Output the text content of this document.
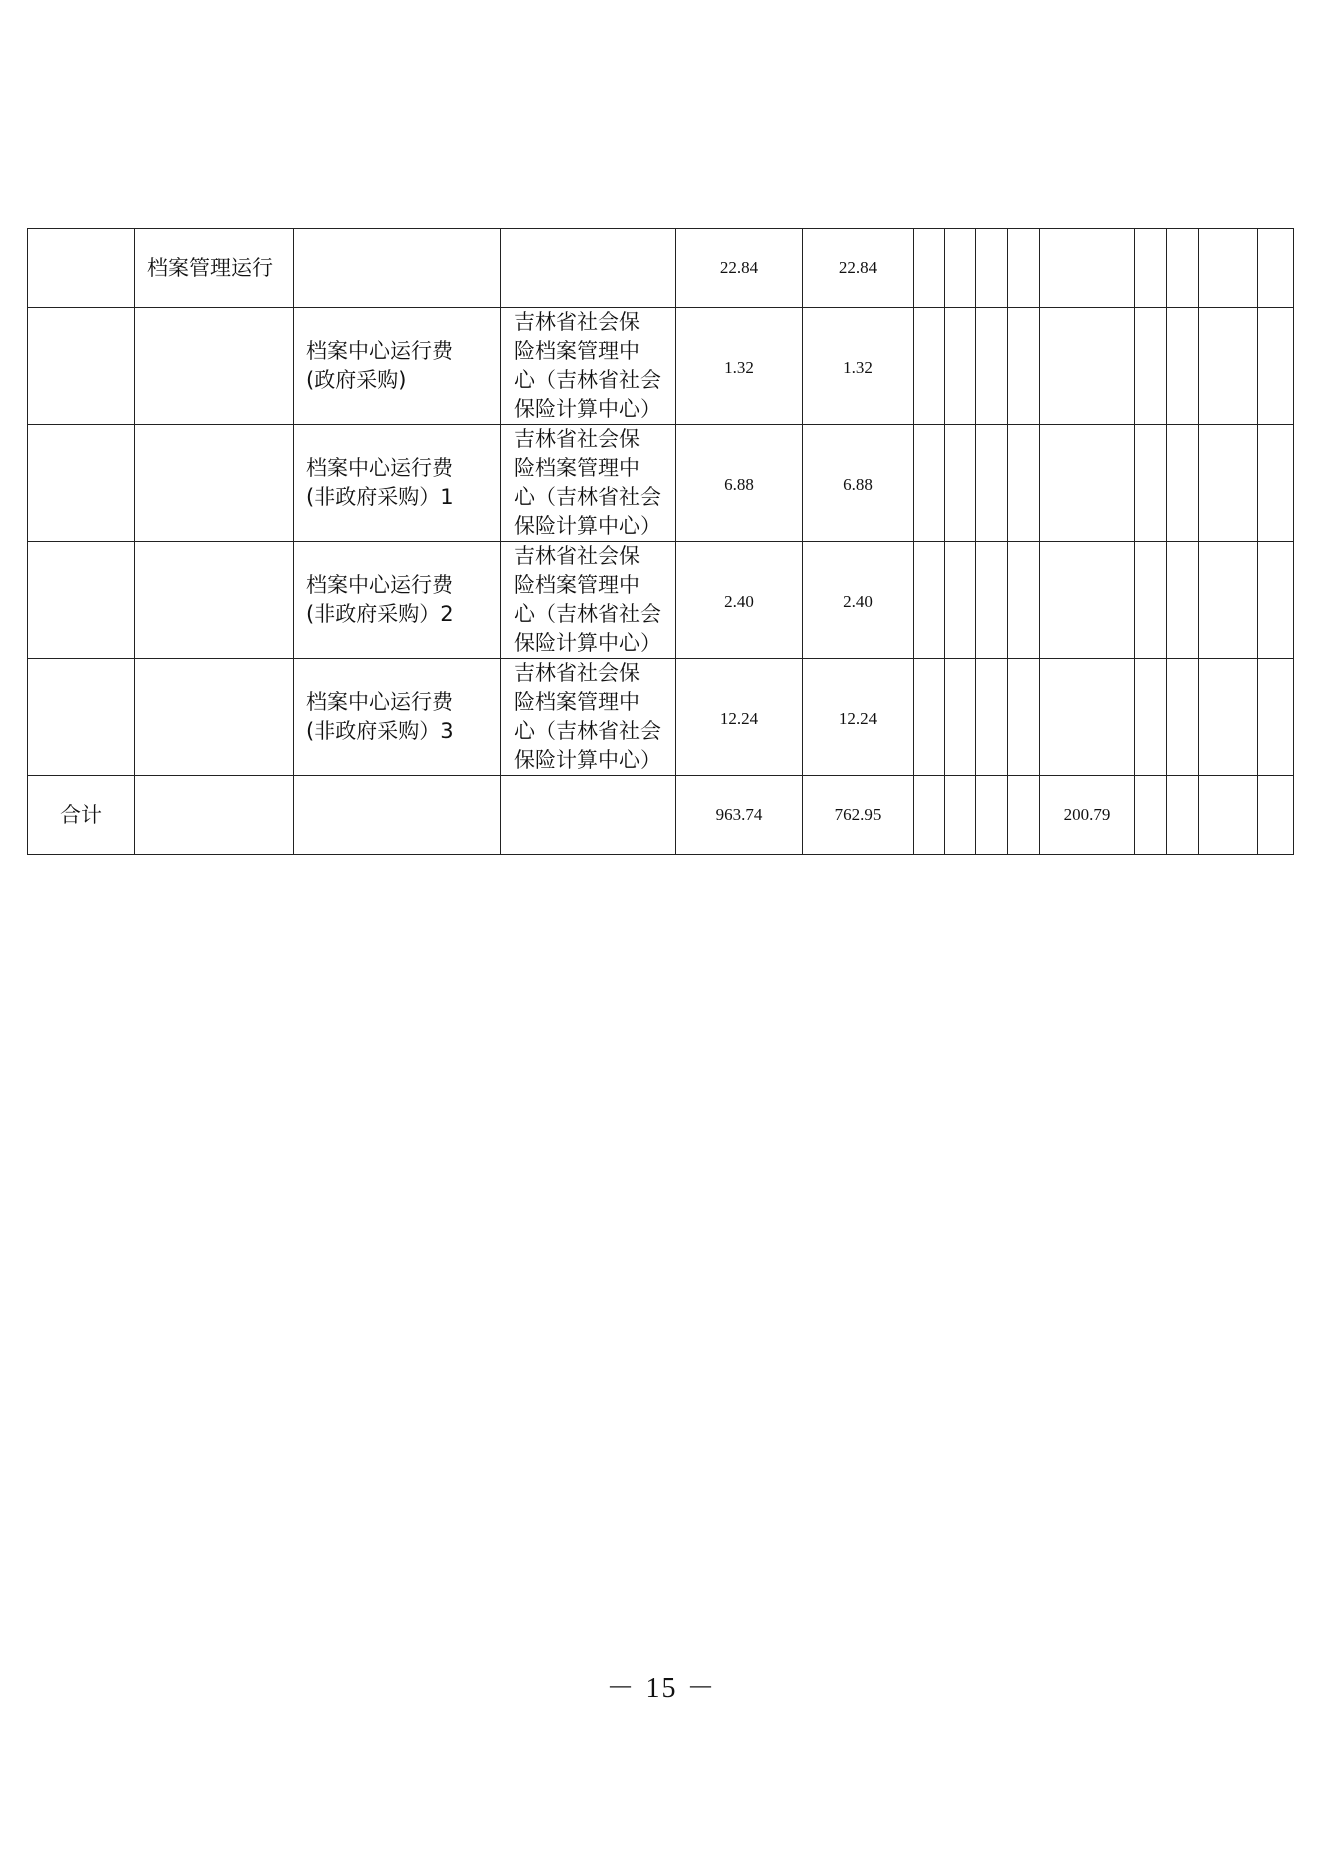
	档案管理运行			22.84	22.84									

		档案中心运行费
(政府采购)	吉林省社会保
险档案管理中
心（吉林省社会
保险计算中心）	1.32	1.32									

		档案中心运行费
(非政府采购）1	吉林省社会保
险档案管理中
心（吉林省社会
保险计算中心）	6.88	6.88									

		档案中心运行费
(非政府采购）2	吉林省社会保
险档案管理中
心（吉林省社会
保险计算中心）	2.40	2.40									

		档案中心运行费
(非政府采购）3	吉林省社会保
险档案管理中
心（吉林省社会
保险计算中心）	12.24	12.24									

合计				963.74	762.95					200.79				
－ 15 －
